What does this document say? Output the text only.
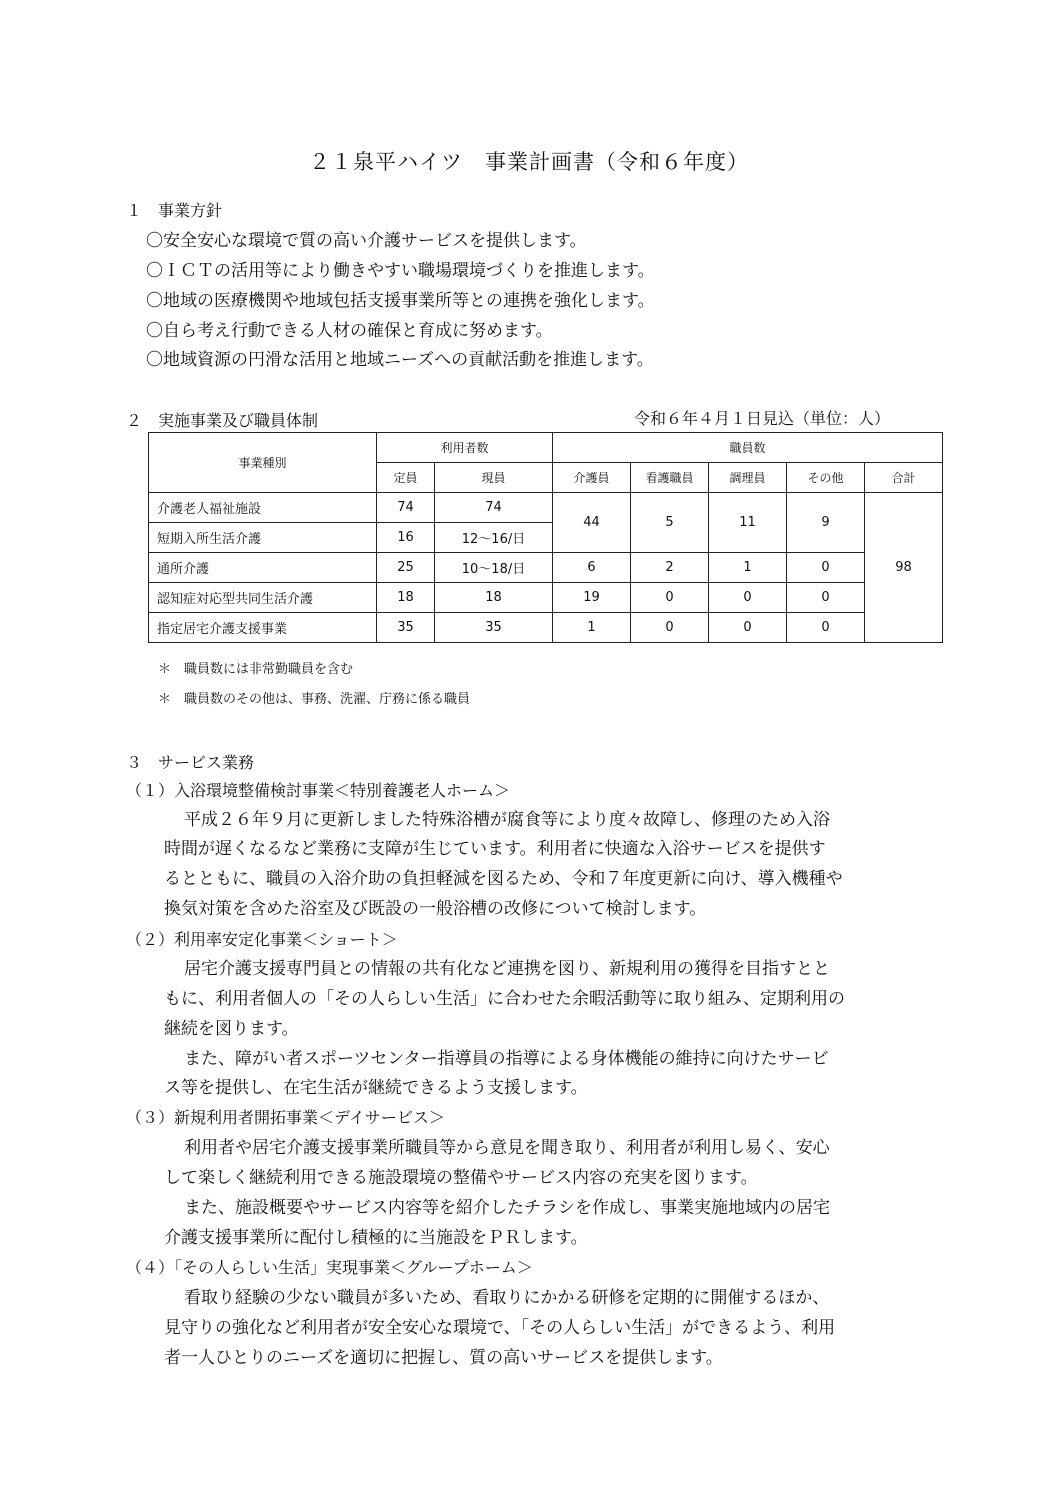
２１泉平ハイツ　事業計画書（令和６年度）
１　事業方針
〇安全安心な環境で質の高い介護サービスを提供します。
〇ＩＣＴの活用等により働きやすい職場環境づくりを推進します。
〇地域の医療機関や地域包括支援事業所等との連携を強化します。
〇自ら考え行動できる人材の確保と育成に努めます。
〇地域資源の円滑な活用と地域ニーズへの貢献活動を推進します。
２　実施事業及び職員体制	令和６年４月１日見込（単位：人）
事業種別	利用者数		職員数				
	定員	現員	介護員	看護職員	調理員	その他	合計
介護老人福祉施設	74	74	44	5	11	9	98
短期入所生活介護	16	12～16/日					
通所介護	25	10～18/日	6	2	1	0	
認知症対応型共同生活介護	18	18	19	0	0	0	
指定居宅介護支援事業	35	35	1	0	0	0	
＊　職員数には非常勤職員を含む
＊　職員数のその他は、事務、洗濯、庁務に係る職員
３　サービス業務
（１）入浴環境整備検討事業＜特別養護老人ホーム＞
平成２６年９月に更新しました特殊浴槽が腐食等により度々故障し、修理のため入浴
時間が遅くなるなど業務に支障が生じています。利用者に快適な入浴サービスを提供す
るとともに、職員の入浴介助の負担軽減を図るため、令和７年度更新に向け、導入機種や
換気対策を含めた浴室及び既設の一般浴槽の改修について検討します。
（２）利用率安定化事業＜ショート＞
居宅介護支援専門員との情報の共有化など連携を図り、新規利用の獲得を目指すとと
もに、利用者個人の「その人らしい生活」に合わせた余暇活動等に取り組み、定期利用の
継続を図ります。
また、障がい者スポーツセンター指導員の指導による身体機能の維持に向けたサービ
ス等を提供し、在宅生活が継続できるよう支援します。
（３）新規利用者開拓事業＜デイサービス＞
利用者や居宅介護支援事業所職員等から意見を聞き取り、利用者が利用し易く、安心
して楽しく継続利用できる施設環境の整備やサービス内容の充実を図ります。
また、施設概要やサービス内容等を紹介したチラシを作成し、事業実施地域内の居宅
介護支援事業所に配付し積極的に当施設をＰＲします。
（４）「その人らしい生活」実現事業＜グループホーム＞
看取り経験の少ない職員が多いため、看取りにかかる研修を定期的に開催するほか、
見守りの強化など利用者が安全安心な環境で、「その人らしい生活」ができるよう、利用
者一人ひとりのニーズを適切に把握し、質の高いサービスを提供します。
